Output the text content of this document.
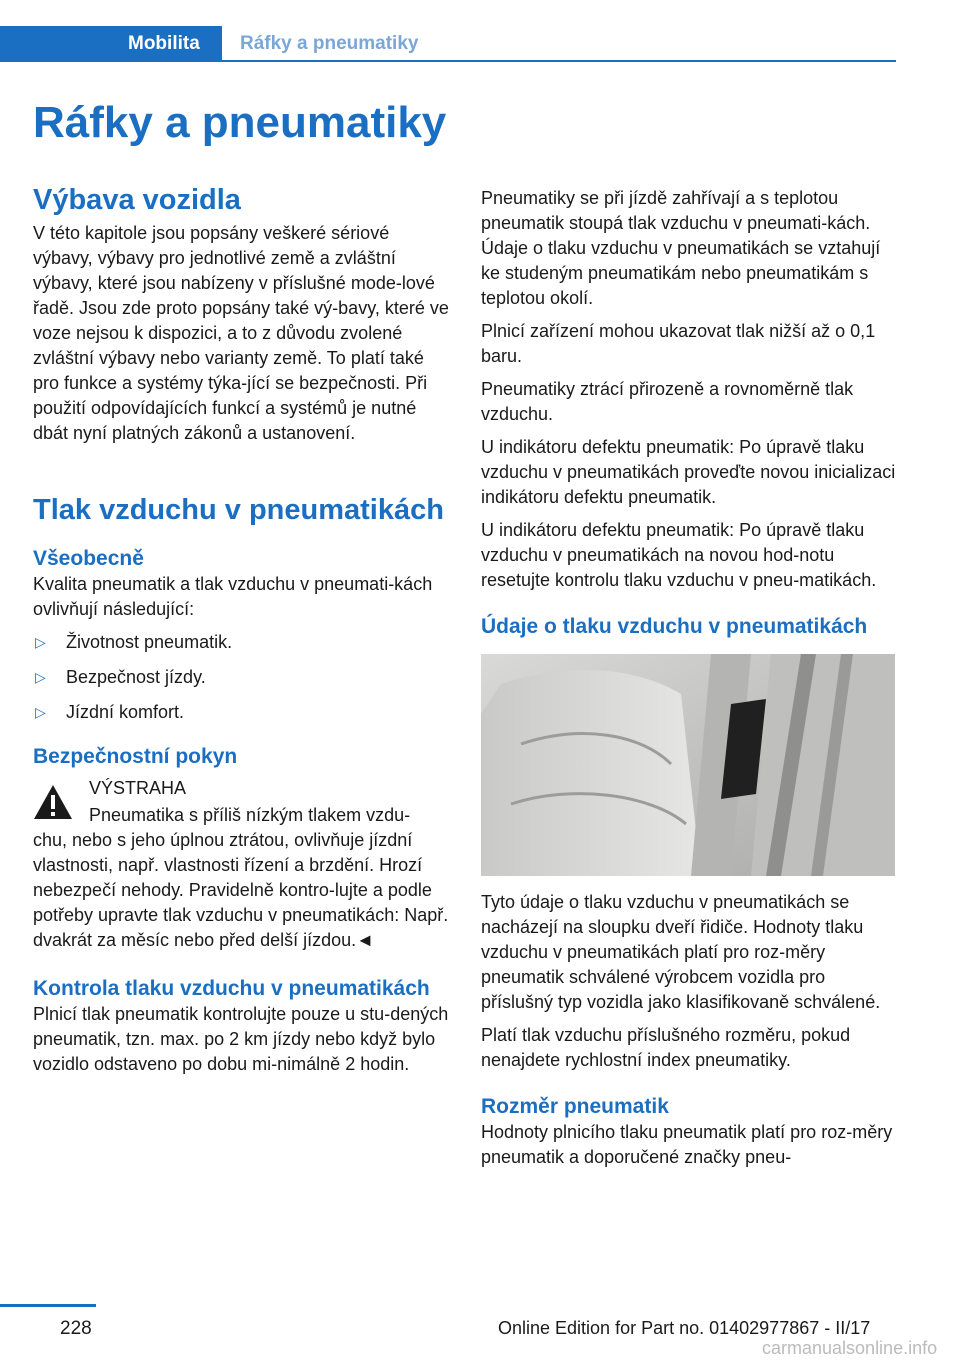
Mobilita	Ráfky a pneumatiky
Ráfky a pneumatiky
Výbava vozidla

V této kapitole jsou popsány veškeré sériové výbavy, výbavy pro jednotlivé země a zvláštní výbavy, které jsou nabízeny v příslušné mode‐lové řadě. Jsou zde proto popsány také vý‐bavy, které ve voze nejsou k dispozici, a to z důvodu zvolené zvláštní výbavy nebo varianty země. To platí také pro funkce a systémy týka‐jící se bezpečnosti. Při použití odpovídajících funkcí a systémů je nutné dbát nyní platných zákonů a ustanovení.

Tlak vzduchu v pneumatikách
Všeobecně

Kvalita pneumatik a tlak vzduchu v pneumati‐kách ovlivňují následující:

▷ Životnost pneumatik.
▷ Bezpečnost jízdy.
▷ Jízdní komfort.
Bezpečnostní pokyn

VÝSTRAHA

Pneumatika s příliš nízkým tlakem vzdu‐

chu, nebo s jeho úplnou ztrátou, ovlivňuje jízdní vlastnosti, např. vlastnosti řízení a brzdění. Hrozí nebezpečí nehody. Pravidelně kontro‐lujte a podle potřeby upravte tlak vzduchu v pneumatikách: Např. dvakrát za měsíc nebo před delší jízdou.◄

Kontrola tlaku vzduchu v pneumatikách

Plnicí tlak pneumatik kontrolujte pouze u stu‐dených pneumatik, tzn. max. po 2 km jízdy nebo když bylo vozidlo odstaveno po dobu mi‐nimálně 2 hodin.

Pneumatiky se při jízdě zahřívají a s teplotou pneumatik stoupá tlak vzduchu v pneumati‐kách. Údaje o tlaku vzduchu v pneumatikách se vztahují ke studeným pneumatikám nebo pneumatikám s teplotou okolí.

Plnicí zařízení mohou ukazovat tlak nižší až o 0,1 baru.

Pneumatiky ztrácí přirozeně a rovnoměrně tlak vzduchu.

U indikátoru defektu pneumatik: Po úpravě tlaku vzduchu v pneumatikách proveďte novou inicializaci indikátoru defektu pneumatik.

U indikátoru defektu pneumatik: Po úpravě tlaku vzduchu v pneumatikách na novou hod‐notu resetujte kontrolu tlaku vzduchu v pneu‐matikách.

Údaje o tlaku vzduchu v pneumatikách

Tyto údaje o tlaku vzduchu v pneumatikách se nacházejí na sloupku dveří řidiče. Hodnoty tlaku vzduchu v pneumatikách platí pro roz‐měry pneumatik schválené výrobcem vozidla pro příslušný typ vozidla jako klasifikovaně schválené.

Platí tlak vzduchu příslušného rozměru, pokud nenajdete rychlostní index pneumatiky.

Rozměr pneumatik

Hodnoty plnicího tlaku pneumatik platí pro roz‐měry pneumatik a doporučené značky pneu‐

228	Online Edition for Part no. 01402977867 - II/17
carmanualsonline.info
